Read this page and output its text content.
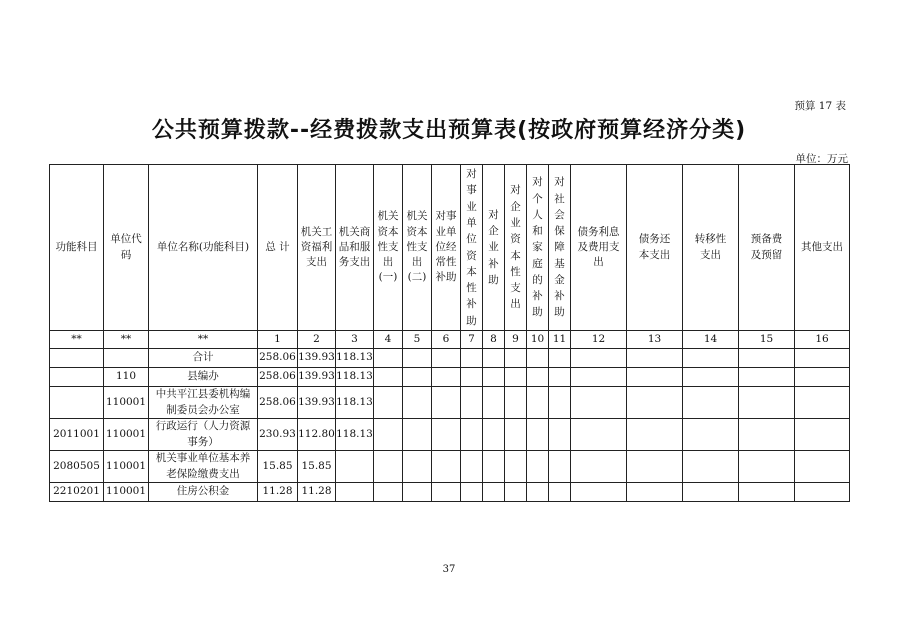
预算 17 表
公共预算拨款--经费拨款支出预算表(按政府预算经济分类)
单位：万元
功能科目	单位代码	单位名称(功能科目)	总 计	机关工资福利支出	机关商品和服务支出	机关资本性支出(一)	机关资本性支出(二)	对事业单位经常性补助	对事业单位资本性补助	对企业补助	对企业资本性支出	对个人和家庭的补助	对社会保障基金补助	债务利息及费用支出	债务还本支出	转移性支出	预备费及预留	其他支出
**	**	**	1	2	3	4	5	6	7	8	9	10	11	12	13	14	15	16
		合计	258.06	139.93	118.13													
	110	县编办	258.06	139.93	118.13													
	110001	中共平江县委机构编制委员会办公室	258.06	139.93	118.13													
2011001	110001	行政运行（人力资源事务）	230.93	112.80	118.13													
2080505	110001	机关事业单位基本养老保险缴费支出	15.85	15.85														
2210201	110001	住房公积金	11.28	11.28														
37
